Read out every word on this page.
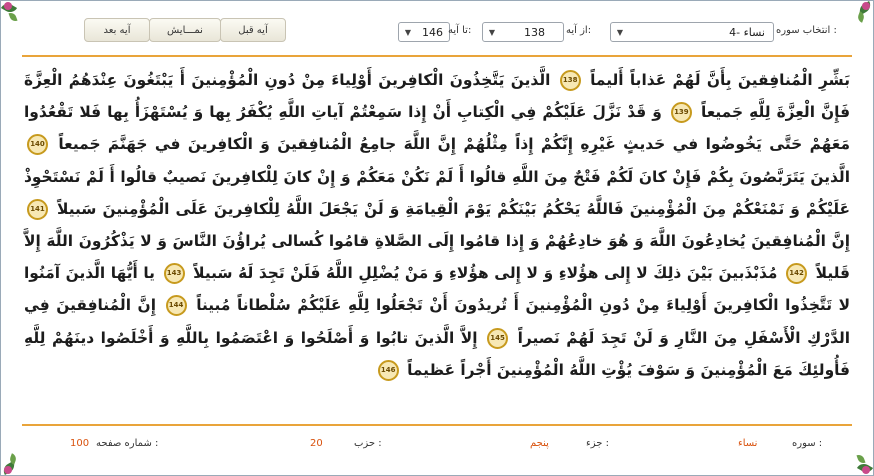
آيه بعد	نمـــايش	آيه قبل	▼ 146 تا آيه:	▼	138 از آيه:	▼	4- نساء انتخاب سوره :
بَشِّرِ الْمُنافِقينَ بِأَنَّ لَهُمْ عَذاباً أَليماً 138 الَّذينَ يَتَّخِذُونَ الْكافِرينَ أَوْلِياءَ مِنْ دُونِ الْمُؤْمِنينَ أَ يَبْتَغُونَ عِنْدَهُمُ الْعِزَّةَ فَإِنَّ الْعِزَّةَ لِلَّهِ جَميعاً 139 وَ قَدْ نَزَّلَ عَلَيْكُمْ فِي الْكِتابِ أَنْ إِذا سَمِعْتُمْ آياتِ اللَّهِ يُكْفَرُ بِها وَ يُسْتَهْزَأُ بِها فَلا تَقْعُدُوا مَعَهُمْ حَتَّى يَخُوضُوا في‏ حَديثٍ غَيْرِهِ إِنَّكُمْ إِذاً مِثْلُهُمْ إِنَّ اللَّهَ جامِعُ الْمُنافِقينَ وَ الْكافِرينَ في‏ جَهَنَّمَ جَميعاً 140 الَّذينَ يَتَرَبَّصُونَ بِكُمْ فَإِنْ كانَ لَكُمْ فَتْحٌ مِنَ اللَّهِ قالُوا أَ لَمْ نَكُنْ مَعَكُمْ وَ إِنْ كانَ لِلْكافِرينَ نَصيبٌ قالُوا أَ لَمْ نَسْتَحْوِذْ عَلَيْكُمْ وَ نَمْنَعْكُمْ مِنَ الْمُؤْمِنينَ فَاللَّهُ يَحْكُمُ بَيْنَكُمْ يَوْمَ الْقِيامَةِ وَ لَنْ يَجْعَلَ اللَّهُ لِلْكافِرينَ عَلَى الْمُؤْمِنينَ سَبيلاً 141 إِنَّ الْمُنافِقينَ يُخادِعُونَ اللَّهَ وَ هُوَ خادِعُهُمْ وَ إِذا قامُوا إِلَى الصَّلاةِ قامُوا كُسالى‏ يُراؤُنَ النَّاسَ وَ لا يَذْكُرُونَ اللَّهَ إِلاَّ قَليلاً 142 مُذَبْذَبينَ بَيْنَ ذلِكَ لا إِلى‏ هؤُلاءِ وَ لا إِلى‏ هؤُلاءِ وَ مَنْ يُضْلِلِ اللَّهُ فَلَنْ تَجِدَ لَهُ سَبيلاً 143 يا أَيُّهَا الَّذينَ آمَنُوا لا تَتَّخِذُوا الْكافِرينَ أَوْلِياءَ مِنْ دُونِ الْمُؤْمِنينَ أَ تُريدُونَ أَنْ تَجْعَلُوا لِلَّهِ عَلَيْكُمْ سُلْطاناً مُبيناً 144 إِنَّ الْمُنافِقينَ فِي الدَّرْكِ الْأَسْفَلِ مِنَ النَّارِ وَ لَنْ تَجِدَ لَهُمْ نَصيراً 145 إِلاَّ الَّذينَ تابُوا وَ أَصْلَحُوا وَ اعْتَصَمُوا بِاللَّهِ وَ أَخْلَصُوا دينَهُمْ لِلَّهِ فَأُولئِكَ مَعَ الْمُؤْمِنينَ وَ سَوْفَ يُؤْتِ اللَّهُ الْمُؤْمِنينَ أَجْراً عَظيماً 146
سوره :
نساء
جزء :
پنجم
حزب :
20
شماره صفحه :
100
